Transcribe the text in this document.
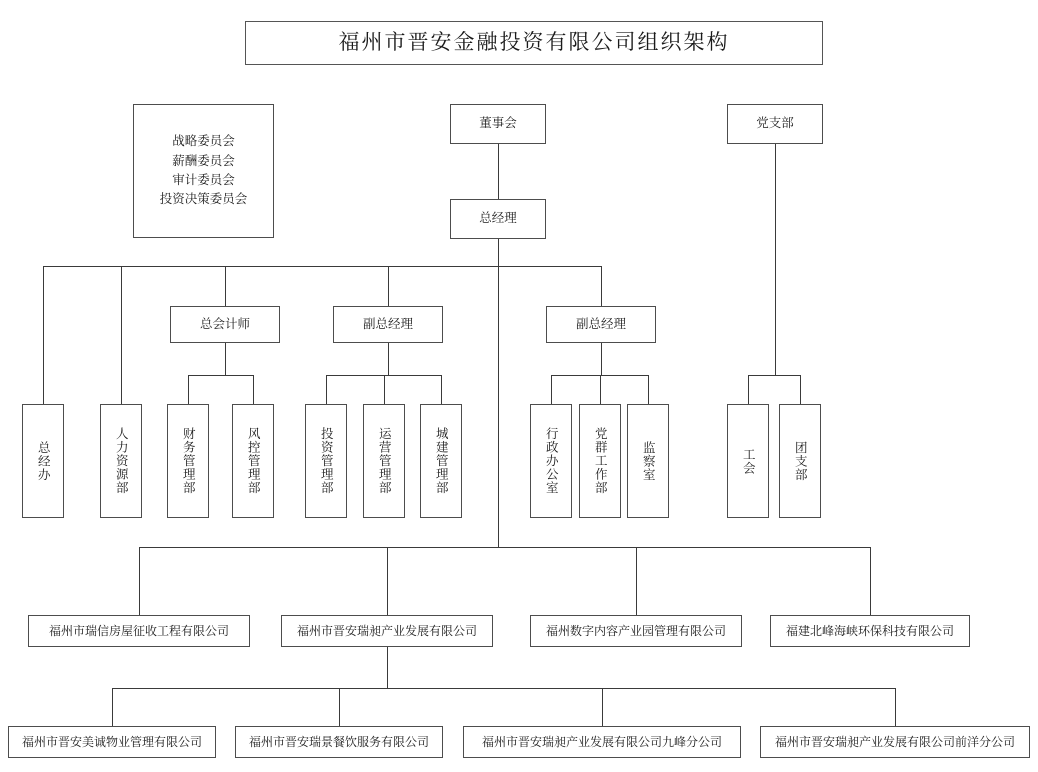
福州市晋安金融投资有限公司组织架构
战略委员会
薪酬委员会
审计委员会
投资决策委员会
董事会	党支部
总经理
总会计师	副总经理	副总经理
总经办	人力资源部	财务管理部	风控管理部	投资管理部	运营管理部	城建管理部	行政办公室	党群工作部	监察室	工会	团支部
福州市瑞信房屋征收工程有限公司	福州市晋安瑞昶产业发展有限公司	福州数字内容产业园管理有限公司	福建北峰海峡环保科技有限公司
福州市晋安美诚物业管理有限公司	福州市晋安瑞景餐饮服务有限公司	福州市晋安瑞昶产业发展有限公司九峰分公司	福州市晋安瑞昶产业发展有限公司前洋分公司
